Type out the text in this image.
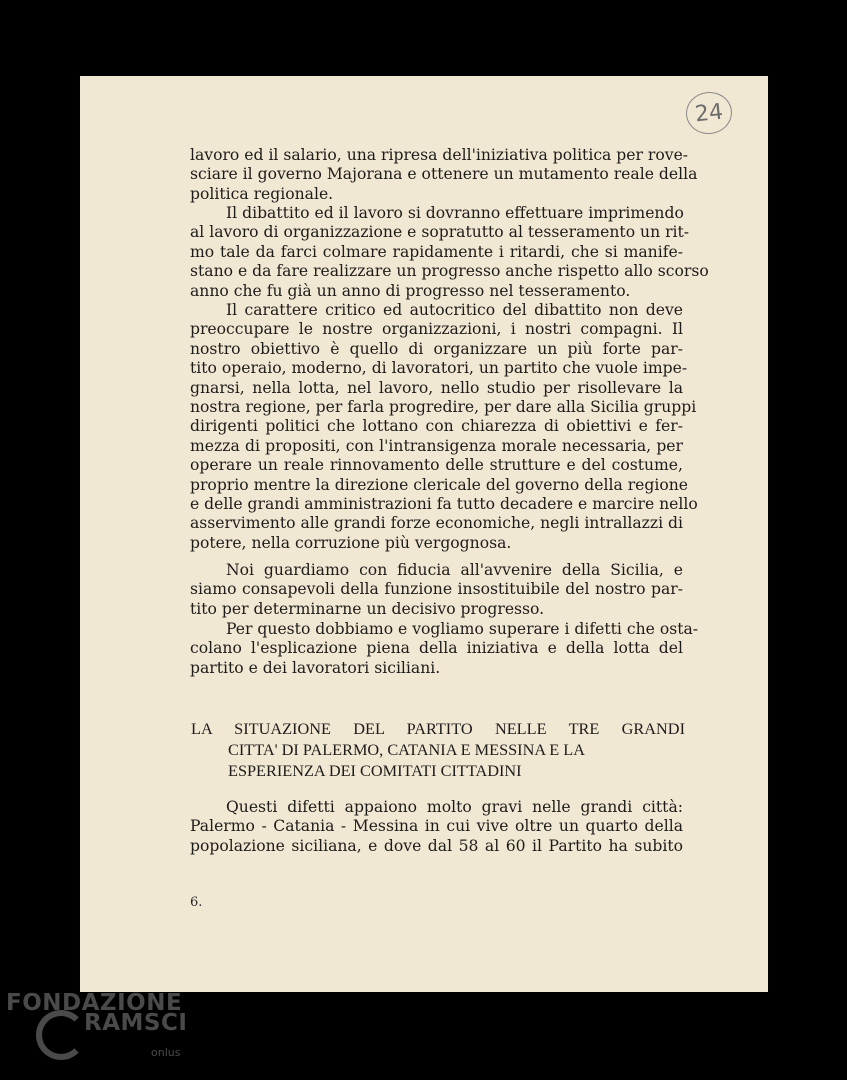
24

lavoro ed il salario, una ripresa dell'iniziativa politica per rove-
sciare il governo Majorana e ottenere un mutamento reale della
politica regionale.

Il dibattito ed il lavoro si dovranno effettuare imprimendo
al lavoro di organizzazione e sopratutto al tesseramento un rit-
mo tale da farci colmare rapidamente i ritardi, che si manife-
stano e da fare realizzare un progresso anche rispetto allo scorso
anno che fu già un anno di progresso nel tesseramento.

Il carattere critico ed autocritico del dibattito non deve
preoccupare le nostre organizzazioni, i nostri compagni. Il
nostro obiettivo è quello di organizzare un più forte par-
tito operaio, moderno, di lavoratori, un partito che vuole impe-
gnarsi, nella lotta, nel lavoro, nello studio per risollevare la
nostra regione, per farla progredire, per dare alla Sicilia gruppi
dirigenti politici che lottano con chiarezza di obiettivi e fer-
mezza di propositi, con l'intransigenza morale necessaria, per
operare un reale rinnovamento delle strutture e del costume,
proprio mentre la direzione clericale del governo della regione
e delle grandi amministrazioni fa tutto decadere e marcire nello
asservimento alle grandi forze economiche, negli intrallazzi di
potere, nella corruzione più vergognosa.

Noi guardiamo con fiducia all'avvenire della Sicilia, e
siamo consapevoli della funzione insostituibile del nostro par-
tito per determinarne un decisivo progresso.

Per questo dobbiamo e vogliamo superare i difetti che osta-
colano l'esplicazione piena della iniziativa e della lotta del
partito e dei lavoratori siciliani.

LA SITUAZIONE DEL PARTITO NELLE TRE GRANDI
CITTA' DI PALERMO, CATANIA E MESSINA E LA
ESPERIENZA DEI COMITATI CITTADINI

Questi difetti appaiono molto gravi nelle grandi città:
Palermo - Catania - Messina in cui vive oltre un quarto della
popolazione siciliana, e dove dal 58 al 60 il Partito ha subito

6.
FONDAZIONE
RAMSCI
onlus
